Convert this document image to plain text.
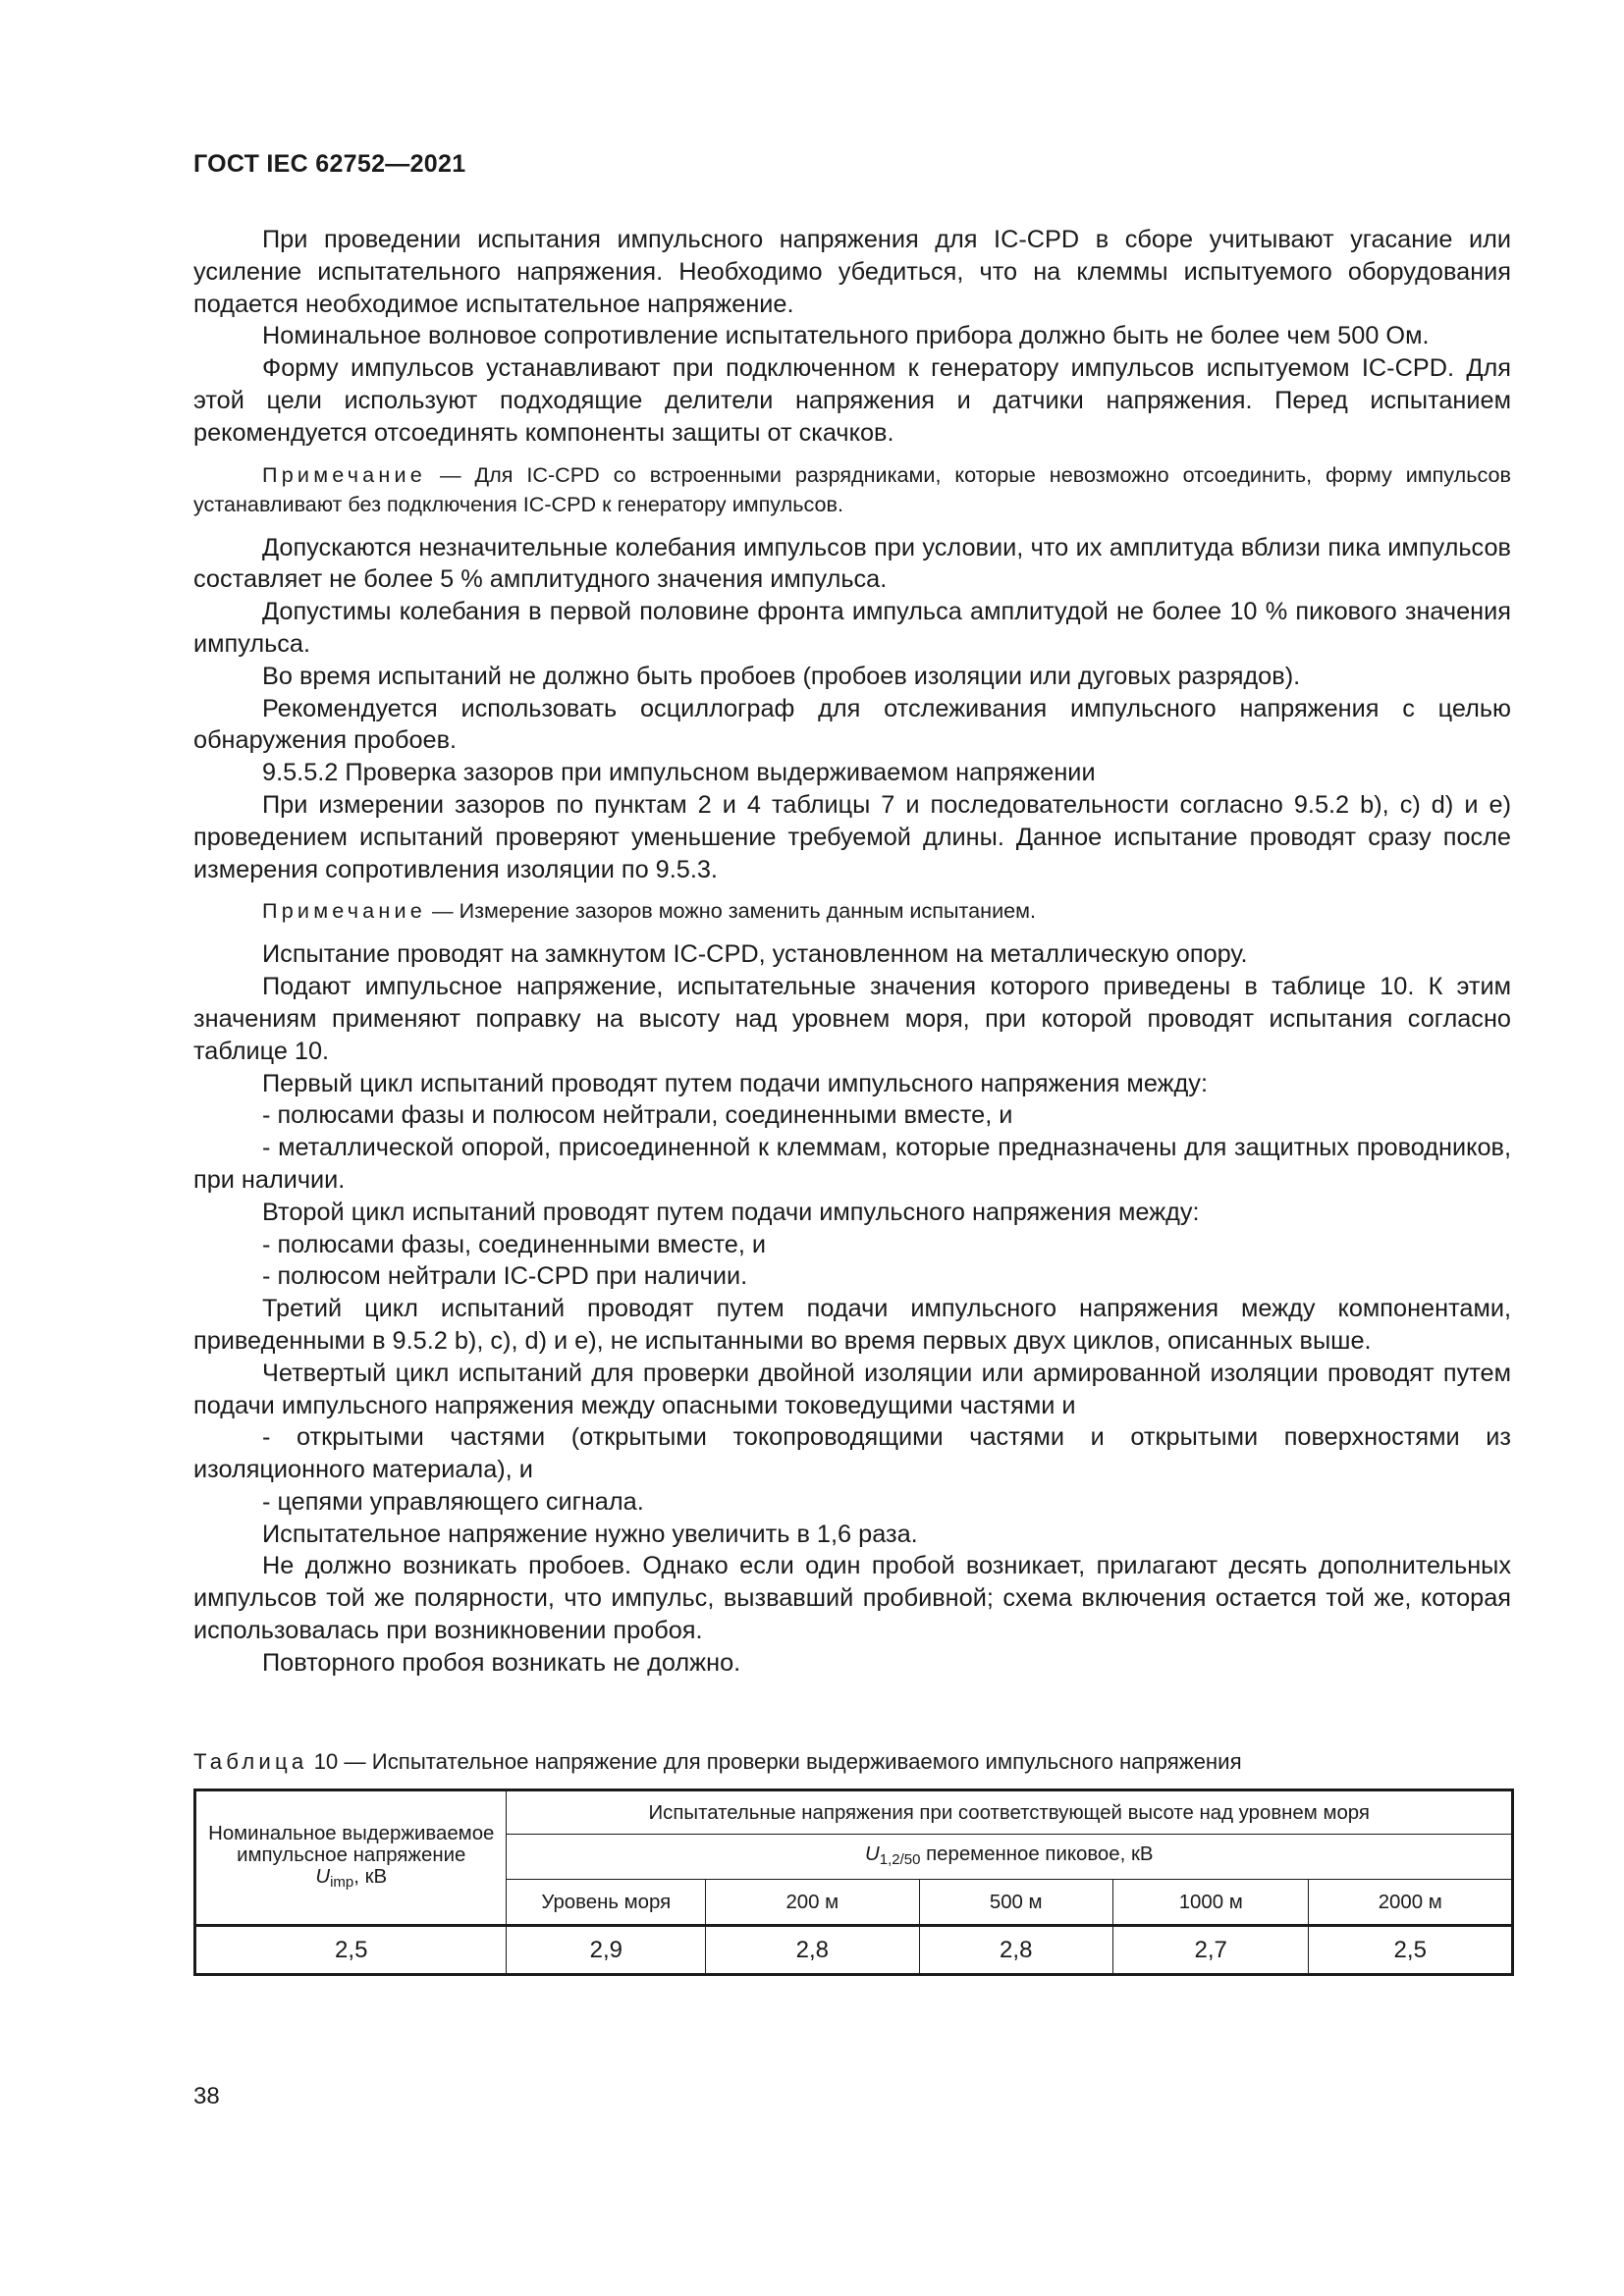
ГОСТ IEC 62752—2021

При проведении испытания импульсного напряжения для IC-CPD в сборе учитывают угасание или усиление испытательного напряжения. Необходимо убедиться, что на клеммы испытуемого оборудования подается необходимое испытательное напряжение.

Номинальное волновое сопротивление испытательного прибора должно быть не более чем 500 Ом.

Форму импульсов устанавливают при подключенном к генератору импульсов испытуемом IC-CPD. Для этой цели используют подходящие делители напряжения и датчики напряжения. Перед испытанием рекомендуется отсоединять компоненты защиты от скачков.

Примечание — Для IC-CPD со встроенными разрядниками, которые невозможно отсоединить, форму импульсов устанавливают без подключения IC-CPD к генератору импульсов.

Допускаются незначительные колебания импульсов при условии, что их амплитуда вблизи пика импульсов составляет не более 5 % амплитудного значения импульса.

Допустимы колебания в первой половине фронта импульса амплитудой не более 10 % пикового значения импульса.

Во время испытаний не должно быть пробоев (пробоев изоляции или дуговых разрядов).

Рекомендуется использовать осциллограф для отслеживания импульсного напряжения с целью обнаружения пробоев.

9.5.5.2 Проверка зазоров при импульсном выдерживаемом напряжении

При измерении зазоров по пунктам 2 и 4 таблицы 7 и последовательности согласно 9.5.2 b), c) d) и e) проведением испытаний проверяют уменьшение требуемой длины. Данное испытание проводят сразу после измерения сопротивления изоляции по 9.5.3.

Примечание — Измерение зазоров можно заменить данным испытанием.

Испытание проводят на замкнутом IC-CPD, установленном на металлическую опору.

Подают импульсное напряжение, испытательные значения которого приведены в таблице 10. К этим значениям применяют поправку на высоту над уровнем моря, при которой проводят испытания согласно таблице 10.

Первый цикл испытаний проводят путем подачи импульсного напряжения между:

- полюсами фазы и полюсом нейтрали, соединенными вместе, и

- металлической опорой, присоединенной к клеммам, которые предназначены для защитных проводников, при наличии.

Второй цикл испытаний проводят путем подачи импульсного напряжения между:

- полюсами фазы, соединенными вместе, и

- полюсом нейтрали IC-CPD при наличии.

Третий цикл испытаний проводят путем подачи импульсного напряжения между компонентами, приведенными в 9.5.2 b), c), d) и e), не испытанными во время первых двух циклов, описанных выше.

Четвертый цикл испытаний для проверки двойной изоляции или армированной изоляции проводят путем подачи импульсного напряжения между опасными токоведущими частями и

- открытыми частями (открытыми токопроводящими частями и открытыми поверхностями из изоляционного материала), и

- цепями управляющего сигнала.

Испытательное напряжение нужно увеличить в 1,6 раза.

Не должно возникать пробоев. Однако если один пробой возникает, прилагают десять дополнительных импульсов той же полярности, что импульс, вызвавший пробивной; схема включения остается той же, которая использовалась при возникновении пробоя.

Повторного пробоя возникать не должно.

Таблица 10 — Испытательное напряжение для проверки выдерживаемого импульсного напряжения
Номинальное выдерживаемое импульсное напряжение
$U_{imp}$, кВ	Испытательные напряжения при соответствующей высоте над уровнем моря				
	$U_{1,2/50}$ переменное пиковое, кВ				
	Уровень моря	200 м	500 м	1000 м	2000 м
2,5	2,9	2,8	2,8	2,7	2,5
38
